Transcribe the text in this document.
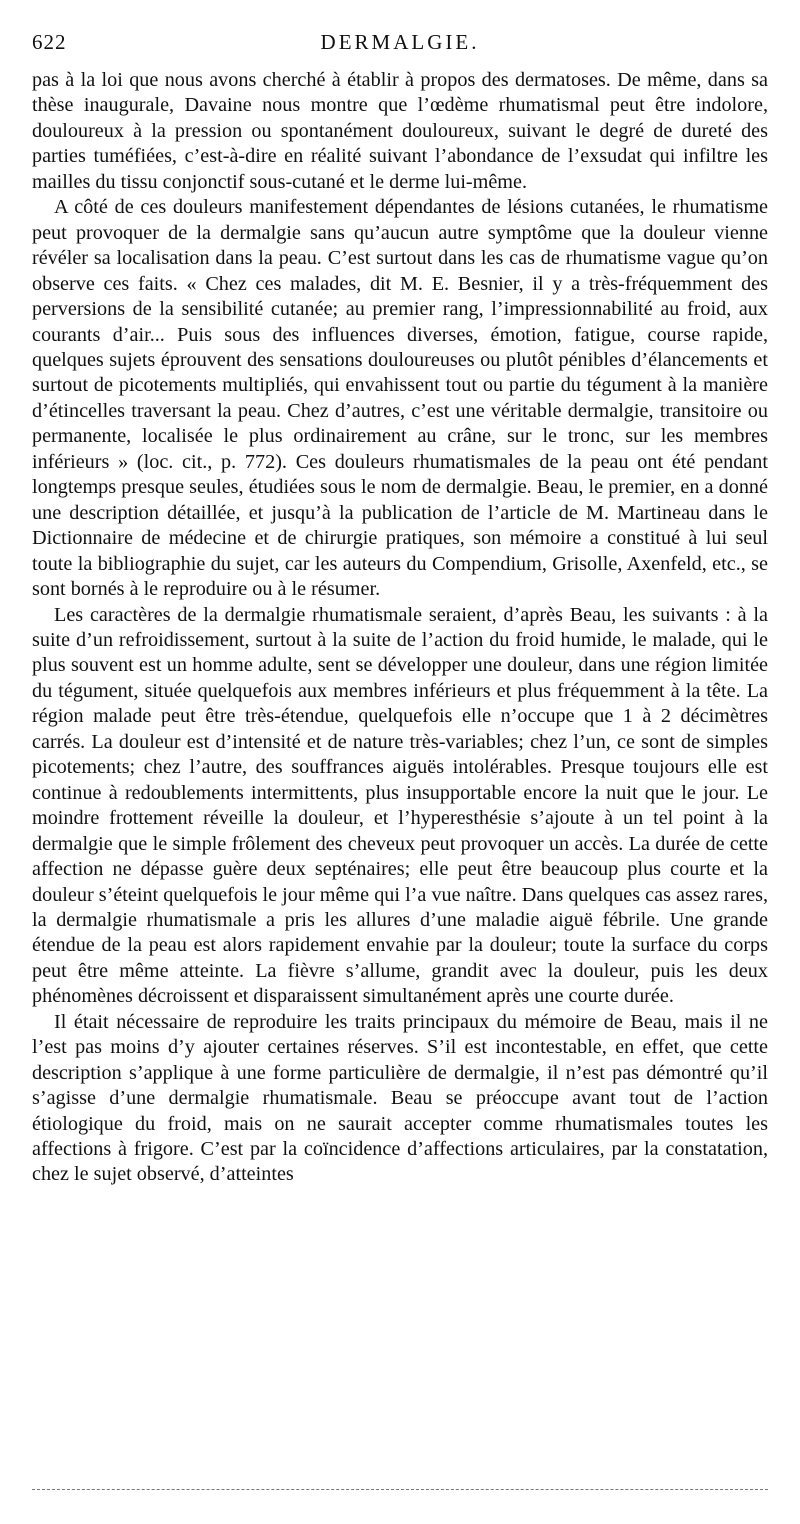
622	DERMALGIE.

pas à la loi que nous avons cherché à établir à propos des dermatoses. De même, dans sa thèse inaugurale, Davaine nous montre que l’œdème rhumatismal peut être indolore, douloureux à la pression ou spontanément douloureux, suivant le degré de dureté des parties tuméfiées, c’est-à-dire en réalité suivant l’abondance de l’exsudat qui infiltre les mailles du tissu conjonctif sous-cutané et le derme lui-même.

A côté de ces douleurs manifestement dépendantes de lésions cutanées, le rhumatisme peut provoquer de la dermalgie sans qu’aucun autre symptôme que la douleur vienne révéler sa localisation dans la peau. C’est surtout dans les cas de rhumatisme vague qu’on observe ces faits. « Chez ces malades, dit M. E. Besnier, il y a très-fréquemment des perversions de la sensibilité cutanée; au premier rang, l’impressionnabilité au froid, aux courants d’air... Puis sous des influences diverses, émotion, fatigue, course rapide, quelques sujets éprouvent des sensations douloureuses ou plutôt pénibles d’élancements et surtout de picotements multipliés, qui envahissent tout ou partie du tégument à la manière d’étincelles traversant la peau. Chez d’autres, c’est une véritable dermalgie, transitoire ou permanente, localisée le plus ordinairement au crâne, sur le tronc, sur les membres inférieurs » (loc. cit., p. 772). Ces douleurs rhumatismales de la peau ont été pendant longtemps presque seules, étudiées sous le nom de dermalgie. Beau, le premier, en a donné une description détaillée, et jusqu’à la publication de l’article de M. Martineau dans le Dictionnaire de médecine et de chirurgie pratiques, son mémoire a constitué à lui seul toute la bibliographie du sujet, car les auteurs du Compendium, Grisolle, Axenfeld, etc., se sont bornés à le reproduire ou à le résumer.

Les caractères de la dermalgie rhumatismale seraient, d’après Beau, les suivants : à la suite d’un refroidissement, surtout à la suite de l’action du froid humide, le malade, qui le plus souvent est un homme adulte, sent se développer une douleur, dans une région limitée du tégument, située quelquefois aux membres inférieurs et plus fréquemment à la tête. La région malade peut être très-étendue, quelquefois elle n’occupe que 1 à 2 décimètres carrés. La douleur est d’intensité et de nature très-variables; chez l’un, ce sont de simples picotements; chez l’autre, des souffrances aiguës intolérables. Presque toujours elle est continue à redoublements intermittents, plus insupportable encore la nuit que le jour. Le moindre frottement réveille la douleur, et l’hyperesthésie s’ajoute à un tel point à la dermalgie que le simple frôlement des cheveux peut provoquer un accès. La durée de cette affection ne dépasse guère deux septénaires; elle peut être beaucoup plus courte et la douleur s’éteint quelquefois le jour même qui l’a vue naître. Dans quelques cas assez rares, la dermalgie rhumatismale a pris les allures d’une maladie aiguë fébrile. Une grande étendue de la peau est alors rapidement envahie par la douleur; toute la surface du corps peut être même atteinte. La fièvre s’allume, grandit avec la douleur, puis les deux phénomènes décroissent et disparaissent simultanément après une courte durée.

Il était nécessaire de reproduire les traits principaux du mémoire de Beau, mais il ne l’est pas moins d’y ajouter certaines réserves. S’il est incontestable, en effet, que cette description s’applique à une forme particulière de dermalgie, il n’est pas démontré qu’il s’agisse d’une dermalgie rhumatismale. Beau se préoccupe avant tout de l’action étiologique du froid, mais on ne saurait accepter comme rhumatismales toutes les affections à frigore. C’est par la coïncidence d’affections articulaires, par la constatation, chez le sujet observé, d’atteintes
